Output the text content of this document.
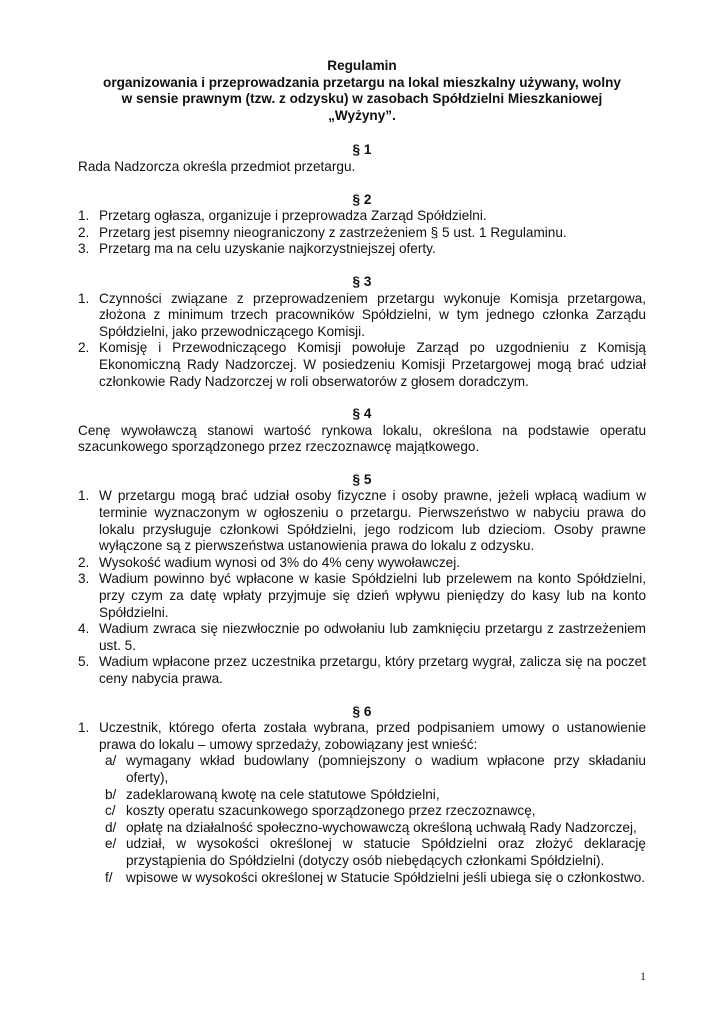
Regulamin
organizowania i przeprowadzania przetargu na lokal mieszkalny używany, wolny
w sensie prawnym (tzw. z odzysku) w zasobach Spółdzielni Mieszkaniowej
„Wyżyny”.

§ 1
Rada Nadzorcza określa przedmiot przetargu.
§ 2
1. Przetarg ogłasza, organizuje i przeprowadza Zarząd Spółdzielni.
2. Przetarg jest pisemny nieograniczony z zastrzeżeniem § 5 ust. 1 Regulaminu.
3. Przetarg ma na celu uzyskanie najkorzystniejszej oferty.
§ 3
1. Czynności związane z przeprowadzeniem przetargu wykonuje Komisja przetargowa, złożona z minimum trzech pracowników Spółdzielni, w tym jednego członka Zarządu Spółdzielni, jako przewodniczącego Komisji.
2. Komisję i Przewodniczącego Komisji powołuje Zarząd po uzgodnieniu z Komisją Ekonomiczną Rady Nadzorczej. W posiedzeniu Komisji Przetargowej mogą brać udział członkowie Rady Nadzorczej w roli obserwatorów z głosem doradczym.
§ 4
Cenę wywoławczą stanowi wartość rynkowa lokalu, określona na podstawie operatu szacunkowego sporządzonego przez rzeczoznawcę majątkowego.
§ 5
1. W przetargu mogą brać udział osoby fizyczne i osoby prawne, jeżeli wpłacą wadium w terminie wyznaczonym w ogłoszeniu o przetargu. Pierwszeństwo w nabyciu prawa do lokalu przysługuje członkowi Spółdzielni, jego rodzicom lub dzieciom. Osoby prawne wyłączone są z pierwszeństwa ustanowienia prawa do lokalu z odzysku.
2. Wysokość wadium wynosi od 3% do 4% ceny wywoławczej.
3. Wadium powinno być wpłacone w kasie Spółdzielni lub przelewem na konto Spółdzielni, przy czym za datę wpłaty przyjmuje się dzień wpływu pieniędzy do kasy lub na konto Spółdzielni.
4. Wadium zwraca się niezwłocznie po odwołaniu lub zamknięciu przetargu z zastrzeżeniem ust. 5.
5. Wadium wpłacone przez uczestnika przetargu, który przetarg wygrał, zalicza się na poczet ceny nabycia prawa.
§ 6
1. Uczestnik, którego oferta została wybrana, przed podpisaniem umowy o ustanowienie prawa do lokalu – umowy sprzedaży, zobowiązany jest wnieść:
a/ wymagany wkład budowlany (pomniejszony o wadium wpłacone przy składaniu oferty),
b/ zadeklarowaną kwotę na cele statutowe Spółdzielni,
c/ koszty operatu szacunkowego sporządzonego przez rzeczoznawcę,
d/ opłatę na działalność społeczno-wychowawczą określoną uchwałą Rady Nadzorczej,
e/ udział, w wysokości określonej w statucie Spółdzielni oraz złożyć deklarację przystąpienia do Spółdzielni (dotyczy osób niebędących członkami Spółdzielni).
f/ wpisowe w wysokości określonej w Statucie Spółdzielni jeśli ubiega się o członkostwo.
1
